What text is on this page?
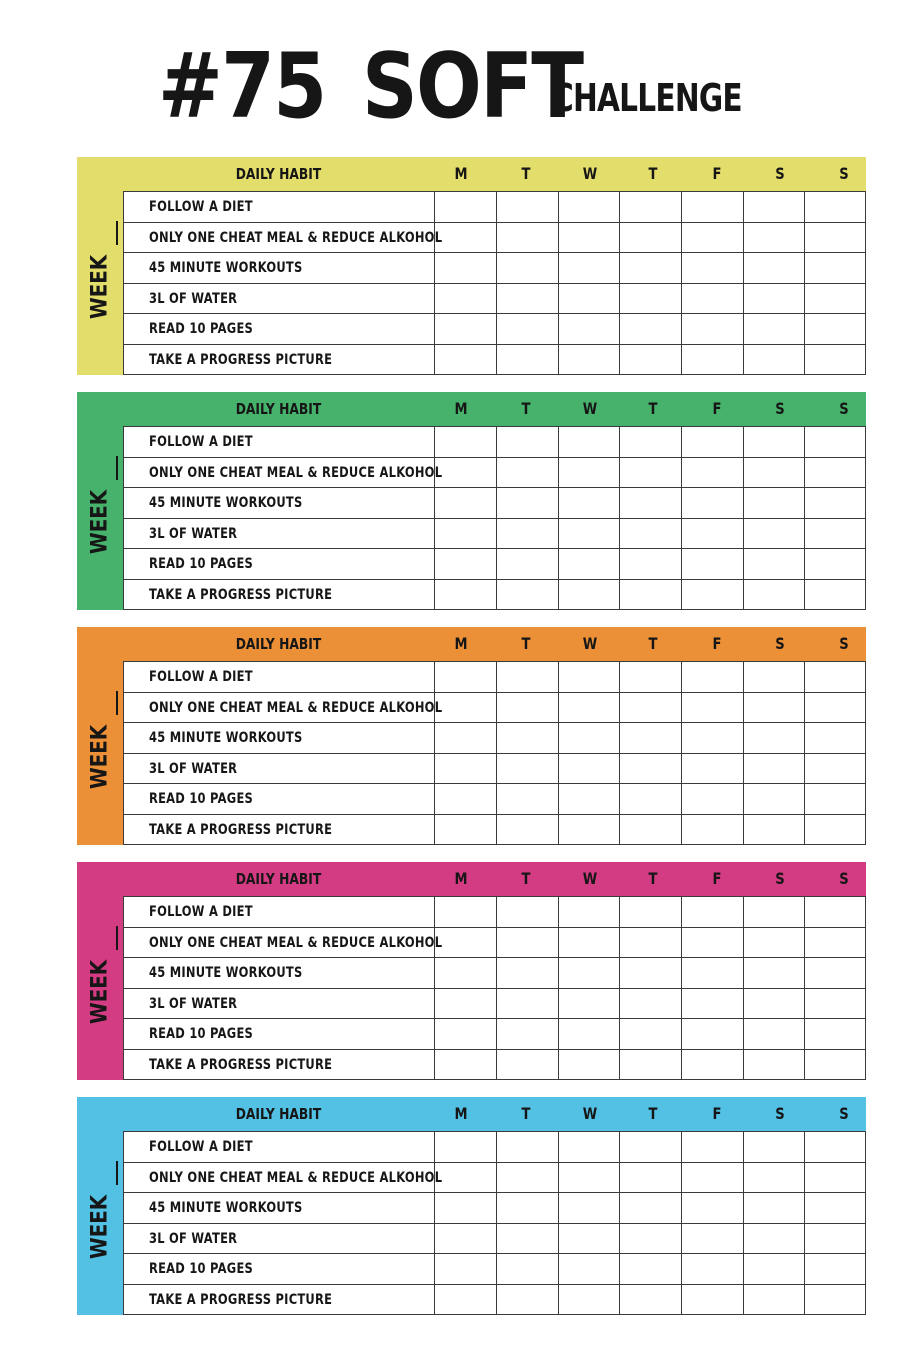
#75 SOFT
CHALLENGE
WEEK
DAILY HABIT	M	T	W	T	F	S	S
FOLLOW A DIET
ONLY ONE CHEAT MEAL & REDUCE ALKOHOL
45 MINUTE WORKOUTS
3L OF WATER
READ 10 PAGES
TAKE A PROGRESS PICTURE
WEEK
DAILY HABIT	M	T	W	T	F	S	S
FOLLOW A DIET
ONLY ONE CHEAT MEAL & REDUCE ALKOHOL
45 MINUTE WORKOUTS
3L OF WATER
READ 10 PAGES
TAKE A PROGRESS PICTURE
WEEK
DAILY HABIT	M	T	W	T	F	S	S
FOLLOW A DIET
ONLY ONE CHEAT MEAL & REDUCE ALKOHOL
45 MINUTE WORKOUTS
3L OF WATER
READ 10 PAGES
TAKE A PROGRESS PICTURE
WEEK
DAILY HABIT	M	T	W	T	F	S	S
FOLLOW A DIET
ONLY ONE CHEAT MEAL & REDUCE ALKOHOL
45 MINUTE WORKOUTS
3L OF WATER
READ 10 PAGES
TAKE A PROGRESS PICTURE
WEEK
DAILY HABIT	M	T	W	T	F	S	S
FOLLOW A DIET
ONLY ONE CHEAT MEAL & REDUCE ALKOHOL
45 MINUTE WORKOUTS
3L OF WATER
READ 10 PAGES
TAKE A PROGRESS PICTURE
